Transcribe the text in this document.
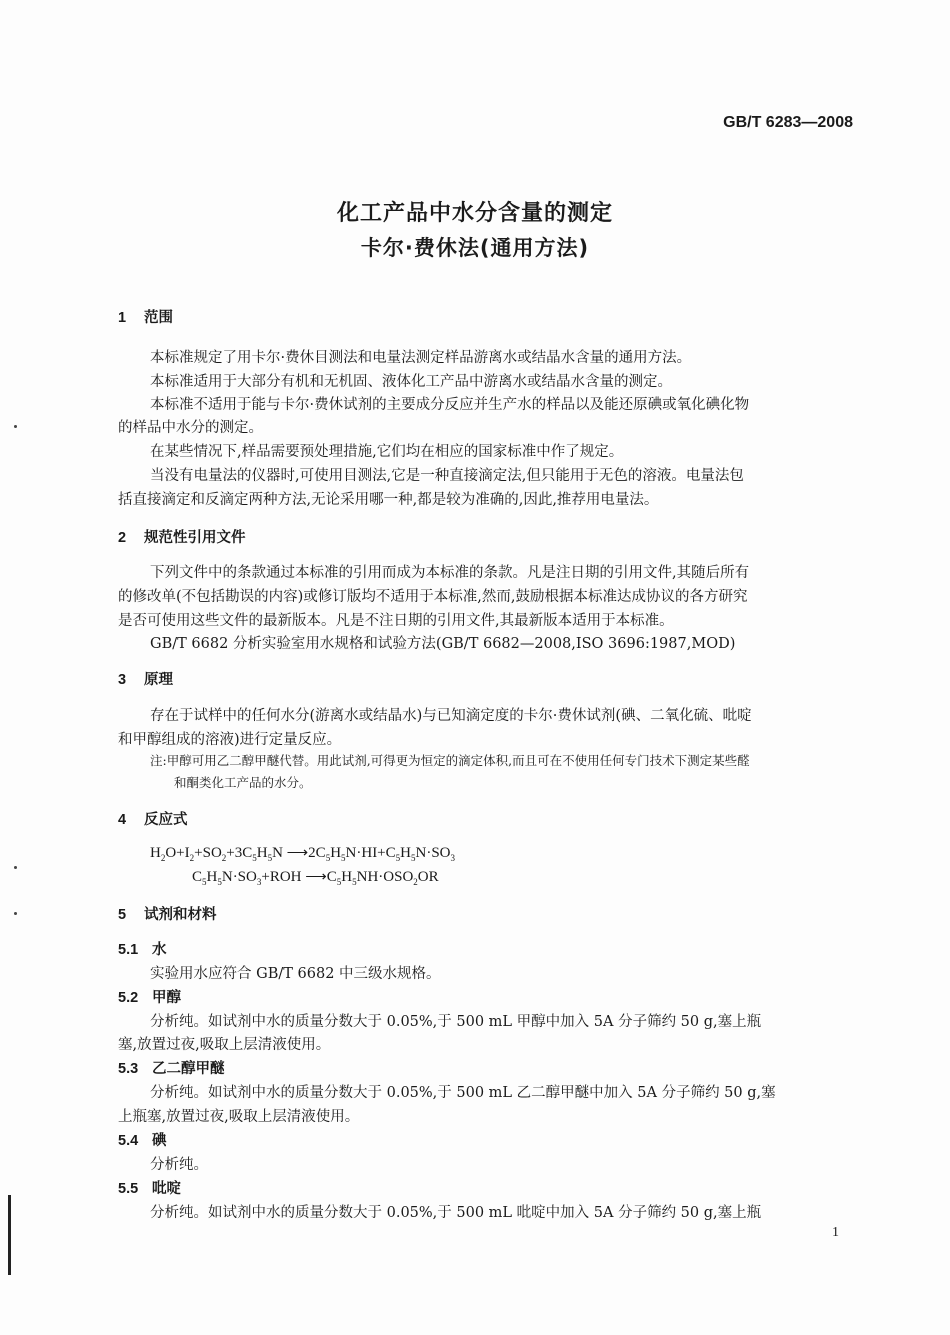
GB/T 6283—2008
化工产品中水分含量的测定
卡尔·费休法(通用方法)
1 范围
本标准规定了用卡尔·费休目测法和电量法测定样品游离水或结晶水含量的通用方法。
本标准适用于大部分有机和无机固、液体化工产品中游离水或结晶水含量的测定。
本标准不适用于能与卡尔·费休试剂的主要成分反应并生产水的样品以及能还原碘或氧化碘化物
的样品中水分的测定。
在某些情况下,样品需要预处理措施,它们均在相应的国家标准中作了规定。
当没有电量法的仪器时,可使用目测法,它是一种直接滴定法,但只能用于无色的溶液。电量法包
括直接滴定和反滴定两种方法,无论采用哪一种,都是较为准确的,因此,推荐用电量法。
2 规范性引用文件
下列文件中的条款通过本标准的引用而成为本标准的条款。凡是注日期的引用文件,其随后所有
的修改单(不包括勘误的内容)或修订版均不适用于本标准,然而,鼓励根据本标准达成协议的各方研究
是否可使用这些文件的最新版本。凡是不注日期的引用文件,其最新版本适用于本标准。
GB/T 6682 分析实验室用水规格和试验方法(GB/T 6682—2008,ISO 3696:1987,MOD)
3 原理
存在于试样中的任何水分(游离水或结晶水)与已知滴定度的卡尔·费休试剂(碘、二氧化硫、吡啶
和甲醇组成的溶液)进行定量反应。
注:甲醇可用乙二醇甲醚代替。用此试剂,可得更为恒定的滴定体积,而且可在不使用任何专门技术下测定某些醛
和酮类化工产品的水分。
4 反应式
$H_2O+I_2+SO_2+3C_5H_5N$ $⟶2C_5H_5N\cdot HI+C_5H_5N\cdot SO_3$
$C_5H_5N\cdot SO_3+ROH$ $⟶C_5H_5NH\cdot OSO_2OR$
5 试剂和材料
5.1 水
实验用水应符合 GB/T 6682 中三级水规格。
5.2 甲醇
分析纯。如试剂中水的质量分数大于 0.05%,于 500 mL 甲醇中加入 5A 分子筛约 50 g,塞上瓶
塞,放置过夜,吸取上层清液使用。
5.3 乙二醇甲醚
分析纯。如试剂中水的质量分数大于 0.05%,于 500 mL 乙二醇甲醚中加入 5A 分子筛约 50 g,塞
上瓶塞,放置过夜,吸取上层清液使用。
5.4 碘
分析纯。
5.5 吡啶
分析纯。如试剂中水的质量分数大于 0.05%,于 500 mL 吡啶中加入 5A 分子筛约 50 g,塞上瓶
1
